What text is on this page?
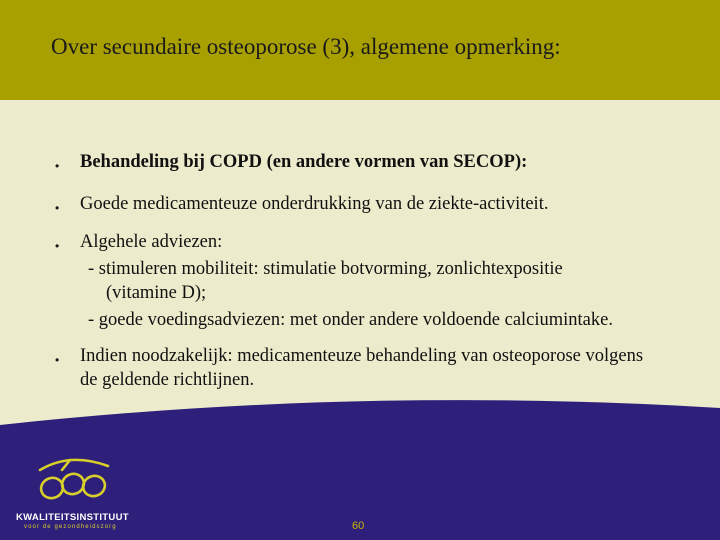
Over secundaire osteoporose (3), algemene opmerking:
• Behandeling bij COPD (en andere vormen van SECOP):
• Goede medicamenteuze onderdrukking van de ziekte-activiteit.
• Algehele adviezen:
- stimuleren mobiliteit: stimulatie botvorming, zonlichtexpositie
(vitamine D);
- goede voedingsadviezen: met onder andere voldoende calciumintake.
• Indien noodzakelijk: medicamenteuze behandeling van osteoporose volgens
de geldende richtlijnen.
KWALITEITSINSTITUUT
voor de gezondheidszorg	60
